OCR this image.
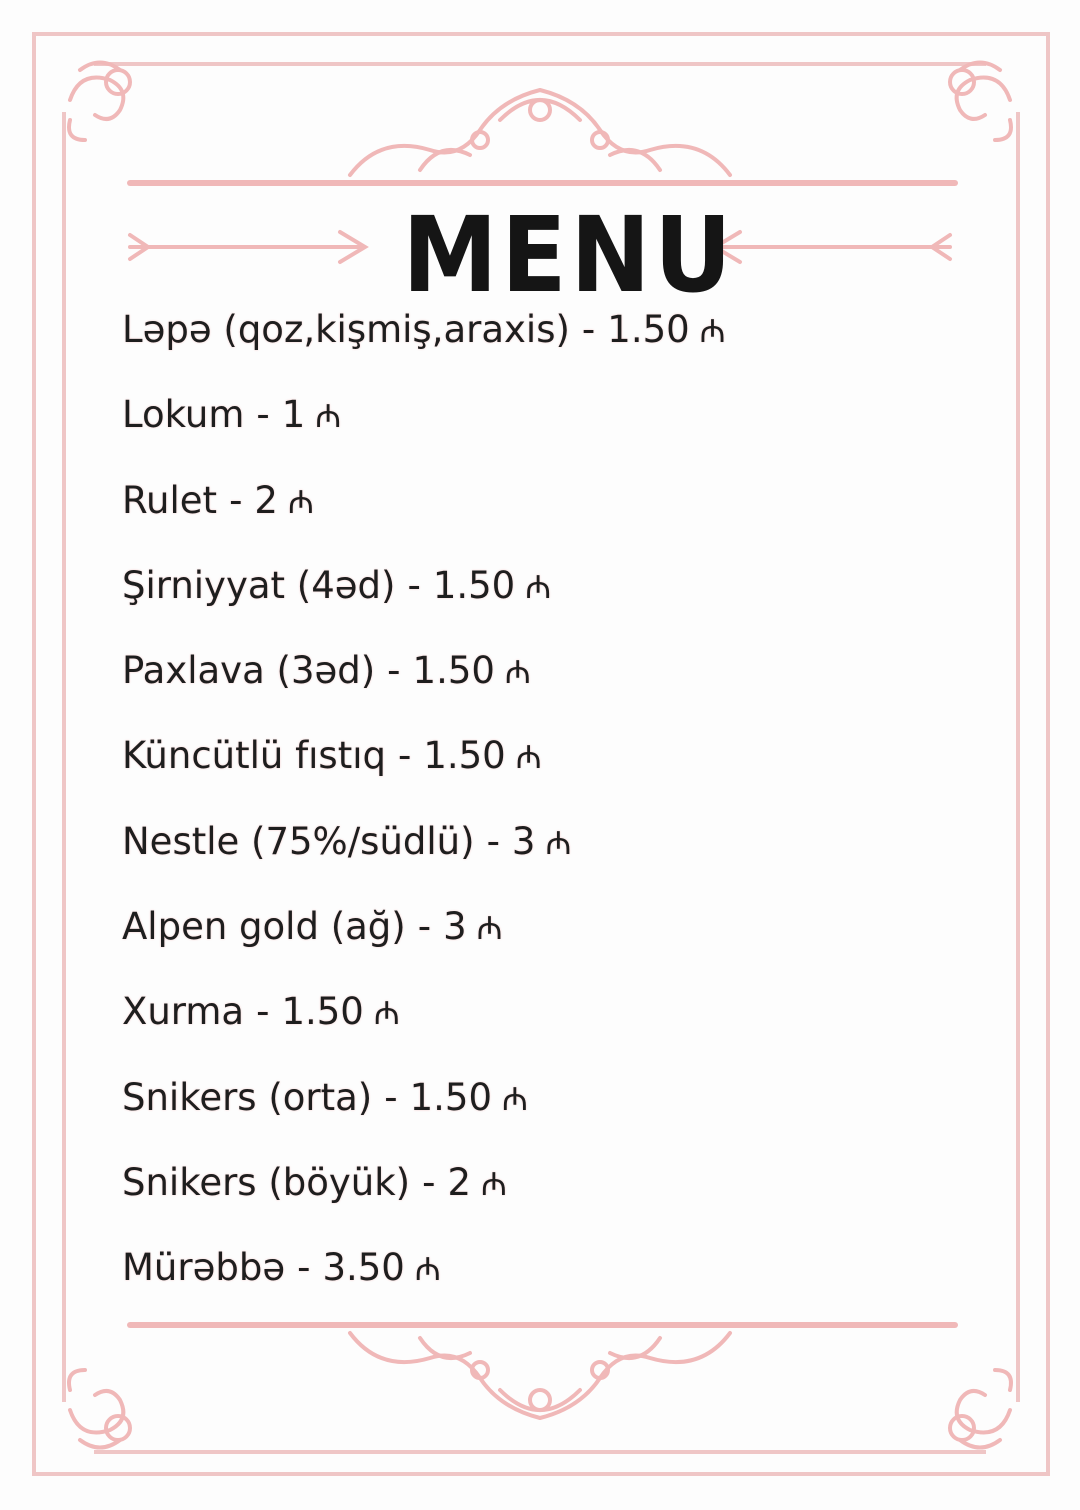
MENU
Ləpə (qoz,kişmiş,araxis) - 1.50 ₼
Lokum - 1 ₼
Rulet - 2 ₼
Şirniyyat (4əd) - 1.50 ₼
Paxlava (3əd) - 1.50 ₼
Küncütlü fıstıq - 1.50 ₼
Nestle (75%/südlü) - 3 ₼
Alpen gold (ağ) - 3 ₼
Xurma - 1.50 ₼
Snikers (orta) - 1.50 ₼
Snikers (böyük) - 2 ₼
Mürəbbə - 3.50 ₼
